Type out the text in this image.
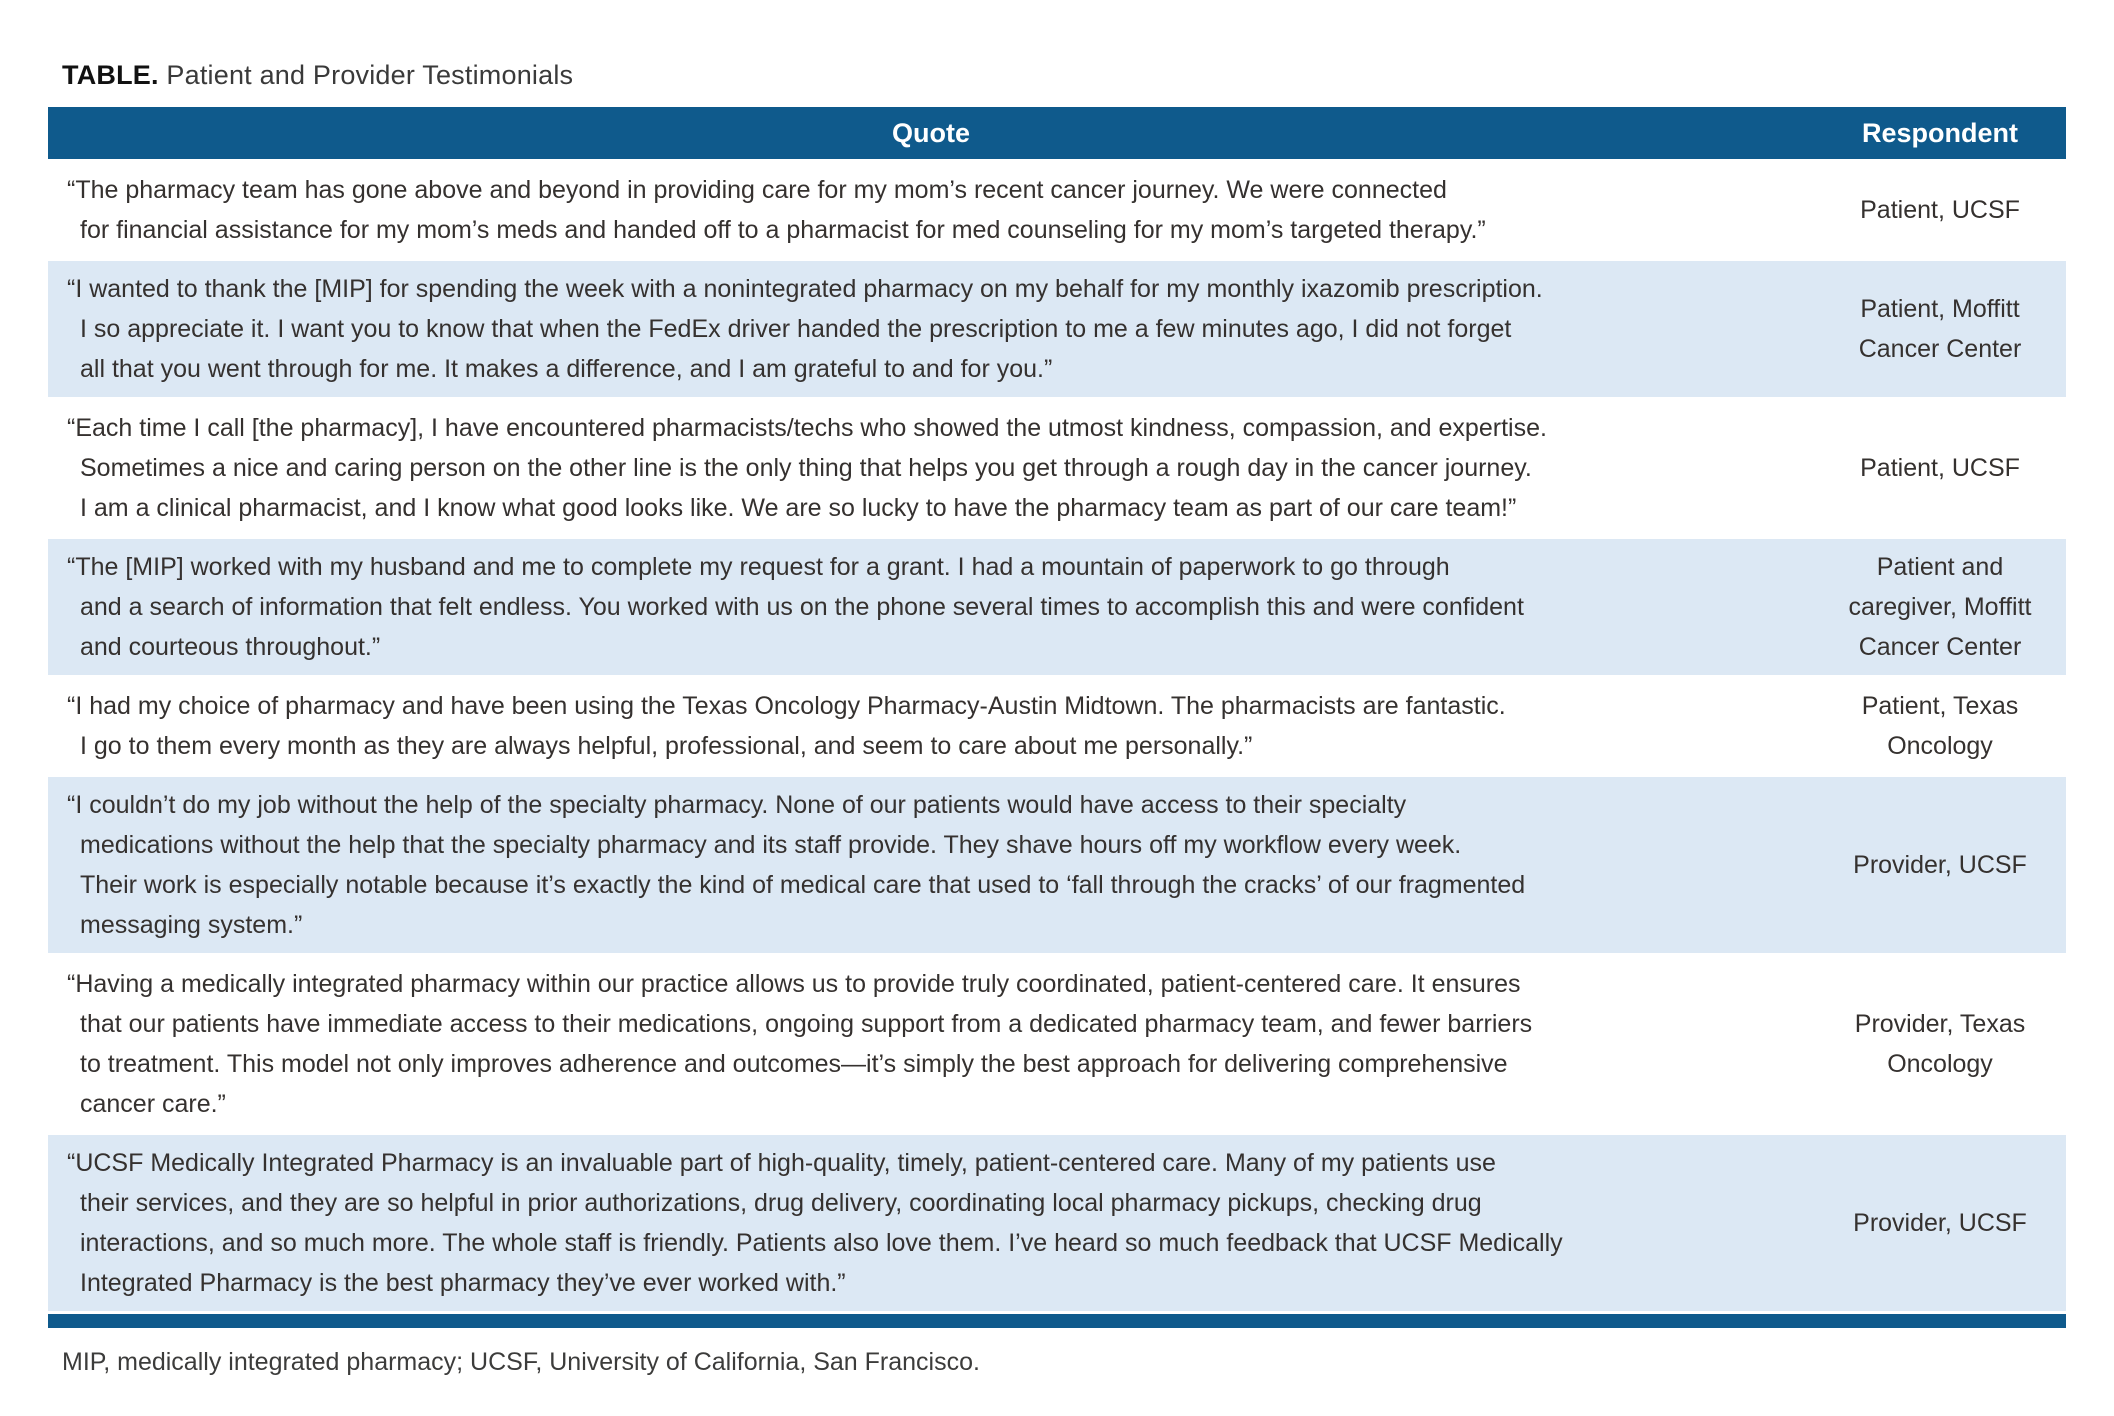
TABLE. Patient and Provider Testimonials
Quote	Respondent
“The pharmacy team has gone above and beyond in providing care for my mom’s recent cancer journey. We were connected
for financial assistance for my mom’s meds and handed off to a pharmacist for med counseling for my mom’s targeted therapy.”
Patient, UCSF
“I wanted to thank the [MIP] for spending the week with a nonintegrated pharmacy on my behalf for my monthly ixazomib prescription.
I so appreciate it. I want you to know that when the FedEx driver handed the prescription to me a few minutes ago, I did not forget
all that you went through for me. It makes a difference, and I am grateful to and for you.”
Patient, Moffitt Cancer Center
“Each time I call [the pharmacy], I have encountered pharmacists/techs who showed the utmost kindness, compassion, and expertise.
Sometimes a nice and caring person on the other line is the only thing that helps you get through a rough day in the cancer journey.
I am a clinical pharmacist, and I know what good looks like. We are so lucky to have the pharmacy team as part of our care team!”
Patient, UCSF
“The [MIP] worked with my husband and me to complete my request for a grant. I had a mountain of paperwork to go through
and a search of information that felt endless. You worked with us on the phone several times to accomplish this and were confident
and courteous throughout.”
Patient and caregiver, Moffitt Cancer Center
“I had my choice of pharmacy and have been using the Texas Oncology Pharmacy-Austin Midtown. The pharmacists are fantastic.
I go to them every month as they are always helpful, professional, and seem to care about me personally.”
Patient, Texas Oncology
“I couldn’t do my job without the help of the specialty pharmacy. None of our patients would have access to their specialty
medications without the help that the specialty pharmacy and its staff provide. They shave hours off my workflow every week.
Their work is especially notable because it’s exactly the kind of medical care that used to ‘fall through the cracks’ of our fragmented
messaging system.”
Provider, UCSF
“Having a medically integrated pharmacy within our practice allows us to provide truly coordinated, patient-centered care. It ensures
that our patients have immediate access to their medications, ongoing support from a dedicated pharmacy team, and fewer barriers
to treatment. This model not only improves adherence and outcomes—it’s simply the best approach for delivering comprehensive
cancer care.”
Provider, Texas Oncology
“UCSF Medically Integrated Pharmacy is an invaluable part of high-quality, timely, patient-centered care. Many of my patients use
their services, and they are so helpful in prior authorizations, drug delivery, coordinating local pharmacy pickups, checking drug
interactions, and so much more. The whole staff is friendly. Patients also love them. I’ve heard so much feedback that UCSF Medically
Integrated Pharmacy is the best pharmacy they’ve ever worked with.”
Provider, UCSF
MIP, medically integrated pharmacy; UCSF, University of California, San Francisco.
